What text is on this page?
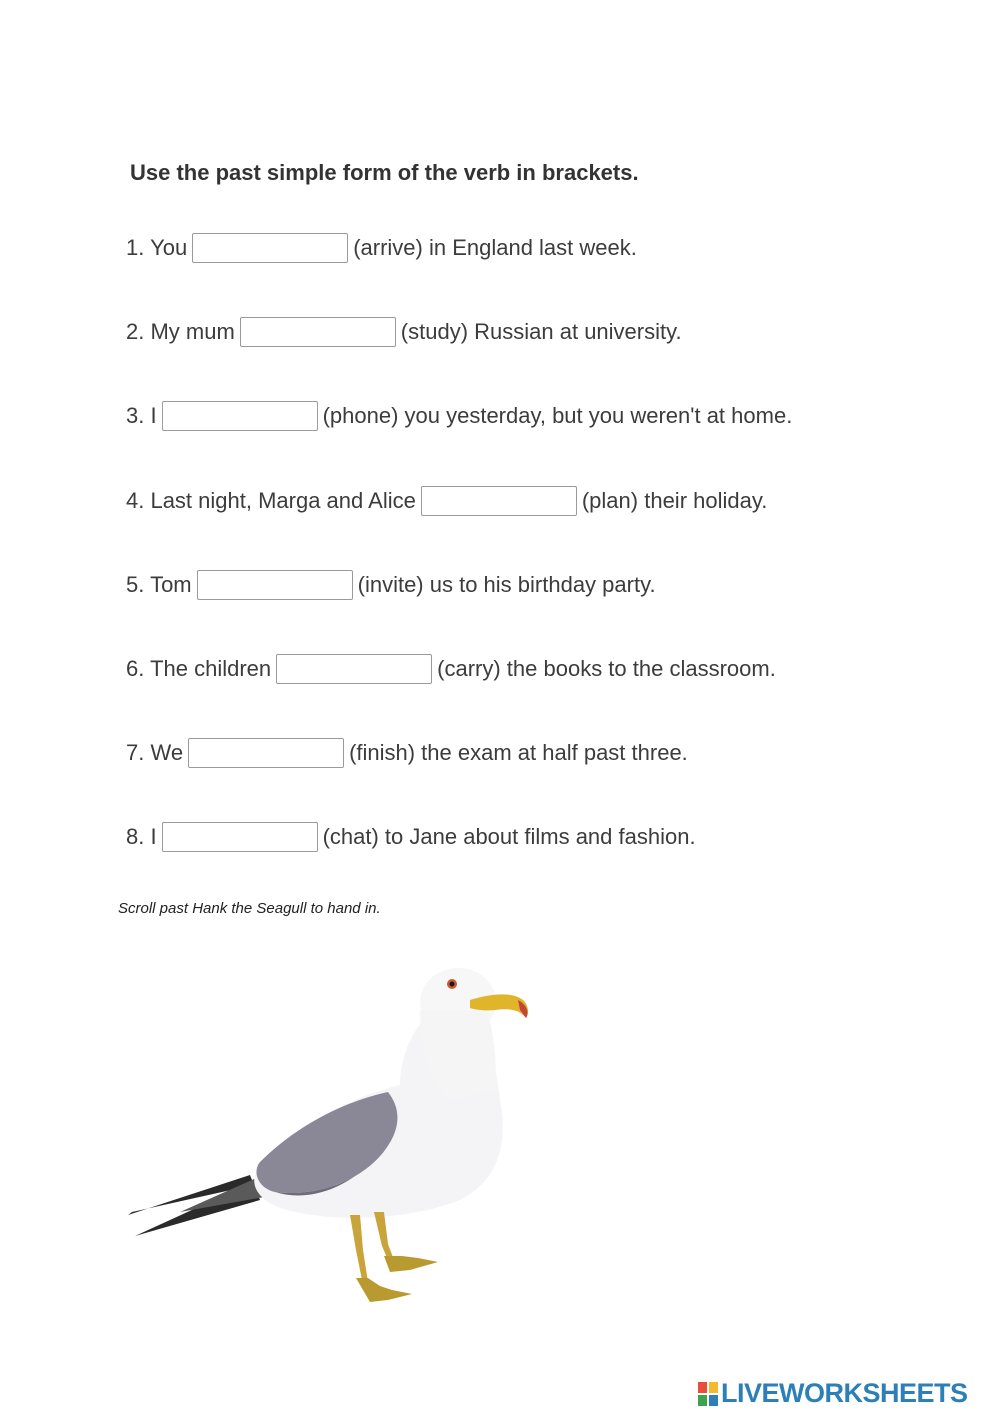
Use the past simple form of the verb in brackets.
1. You	(arrive) in England last week.
2. My mum	(study) Russian at university.
3. I	(phone) you yesterday, but you weren't at home.
4. Last night, Marga and Alice	(plan) their holiday.
5. Tom	(invite) us to his birthday party.
6. The children	(carry) the books to the classroom.
7. We	(finish) the exam at half past three.
8. I	(chat) to Jane about films and fashion.
Scroll past Hank the Seagull to hand in.
LIVEWORKSHEETS
